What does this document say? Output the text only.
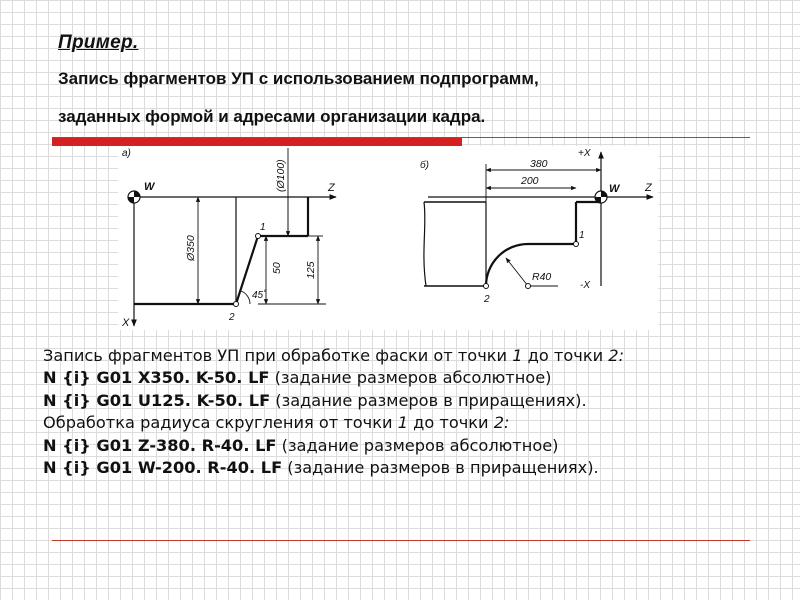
Пример.

Запись фрагментов УП с использованием подпрограмм,

заданных формой и адресами организации кадра.

а)
Z
X
W
Ø350
(Ø100)
50 125
45˚
1
2
б)
Z
+X
-X
W
380
200
R40
1
2

Запись фрагментов УП при обработке фаски от точки 1 до точки 2:

N {i} G01 X350. K-50. LF (задание размеров абсолютное)

N {i} G01 U125. K-50. LF (задание размеров в приращениях).

Обработка радиуса скругления от точки 1 до точки 2:

N {i} G01 Z-380. R-40. LF (задание размеров абсолютное)

N {i} G01 W-200. R-40. LF (задание размеров в приращениях).
